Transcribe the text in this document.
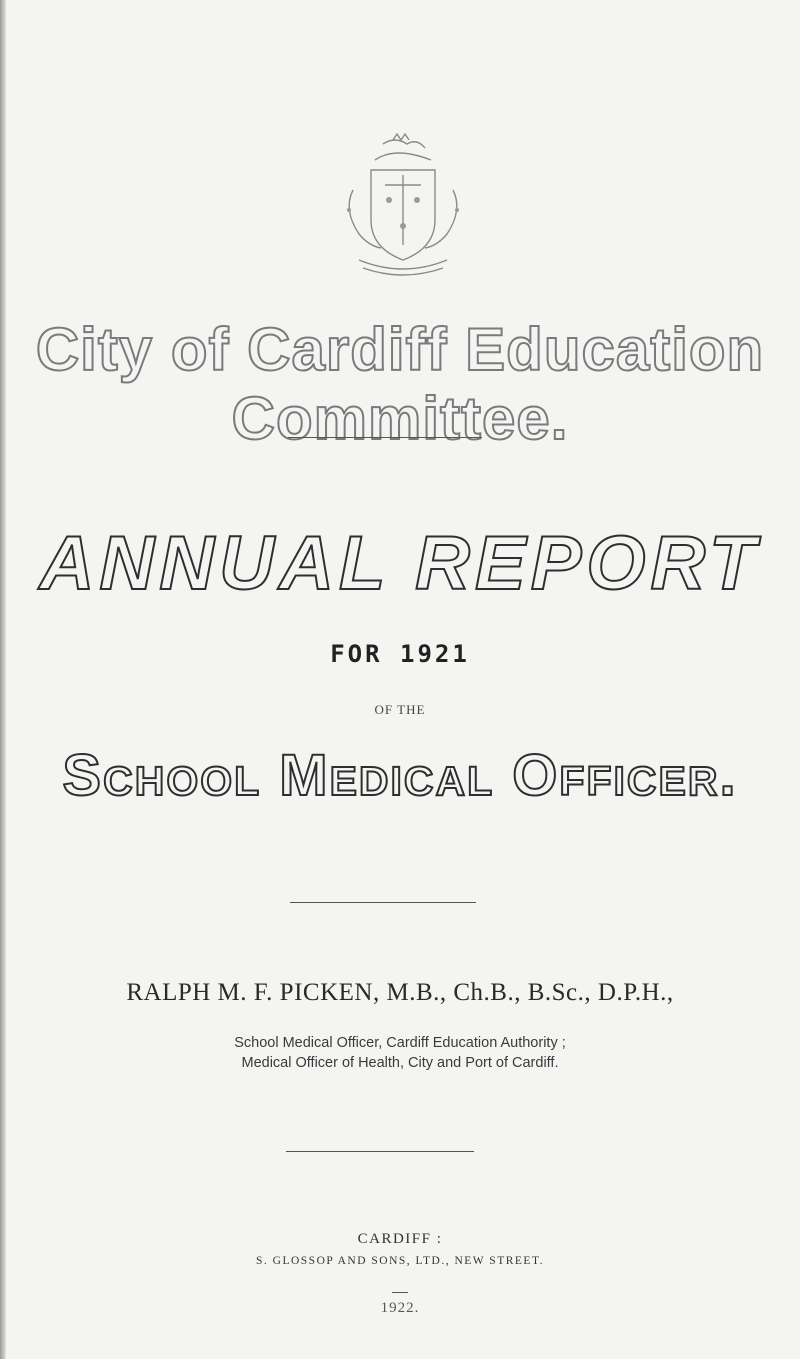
City of Cardiff Education Committee.
ANNUAL REPORT
FOR 1921
OF THE
School Medical Officer.
RALPH M. F. PICKEN, M.B., Ch.B., B.Sc., D.P.H.,
School Medical Officer, Cardiff Education Authority ;
Medical Officer of Health, City and Port of Cardiff.
CARDIFF :
S. GLOSSOP AND SONS, LTD., NEW STREET.
1922.
